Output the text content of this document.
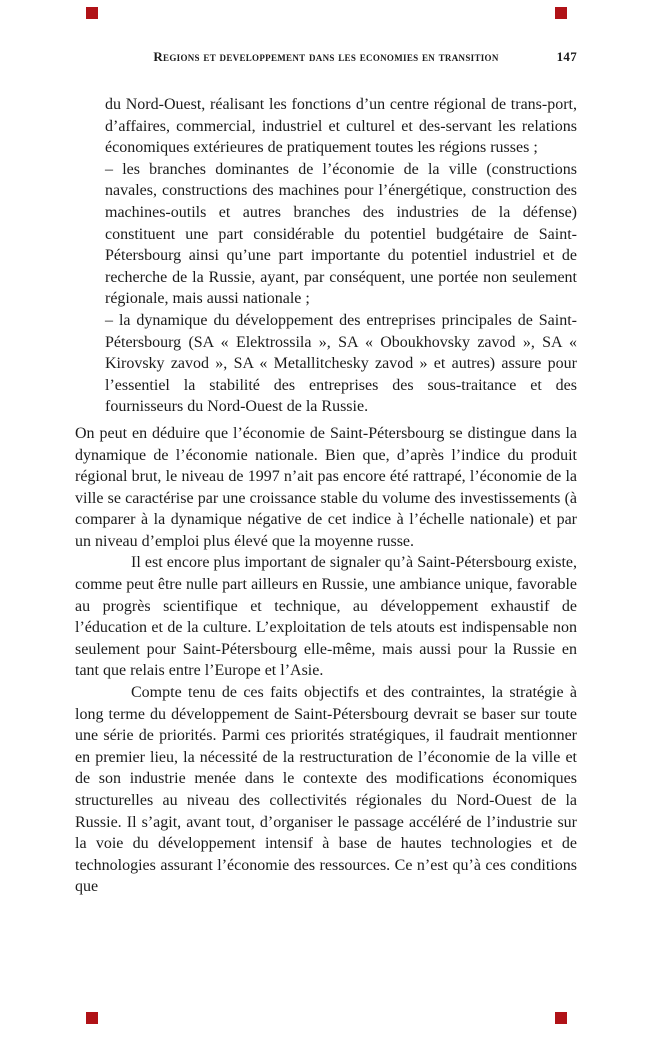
Regions et developpement dans les economies en transition	147

du Nord-Ouest, réalisant les fonctions d’un centre régional de trans-port, d’affaires, commercial, industriel et culturel et des-servant les relations économiques extérieures de pratiquement toutes les régions russes ;

– les branches dominantes de l’économie de la ville (constructions navales, constructions des machines pour l’énergétique, construction des machines-outils et autres branches des industries de la défense) constituent une part considérable du potentiel budgétaire de Saint-Pétersbourg ainsi qu’une part importante du potentiel industriel et de recherche de la Russie, ayant, par conséquent, une portée non seulement régionale, mais aussi nationale ;

– la dynamique du développement des entreprises principales de Saint-Pétersbourg (SA « Elektrossila », SA « Oboukhovsky zavod », SA « Kirovsky zavod », SA « Metallitchesky zavod » et autres) assure pour l’essentiel la stabilité des entreprises des sous-traitance et des fournisseurs du Nord-Ouest de la Russie.

On peut en déduire que l’économie de Saint-Pétersbourg se distingue dans la dynamique de l’économie nationale. Bien que, d’après l’indice du produit régional brut, le niveau de 1997 n’ait pas encore été rattrapé, l’économie de la ville se caractérise par une croissance stable du volume des investissements (à comparer à la dynamique négative de cet indice à l’échelle nationale) et par un niveau d’emploi plus élevé que la moyenne russe.

Il est encore plus important de signaler qu’à Saint-Pétersbourg existe, comme peut être nulle part ailleurs en Russie, une ambiance unique, favorable au progrès scientifique et technique, au développement exhaustif de l’éducation et de la culture. L’exploitation de tels atouts est indispensable non seulement pour Saint-Pétersbourg elle-même, mais aussi pour la Russie en tant que relais entre l’Europe et l’Asie.

Compte tenu de ces faits objectifs et des contraintes, la stratégie à long terme du développement de Saint-Pétersbourg devrait se baser sur toute une série de priorités. Parmi ces priorités stratégiques, il faudrait mentionner en premier lieu, la nécessité de la restructuration de l’économie de la ville et de son industrie menée dans le contexte des modifications économiques structurelles au niveau des collectivités régionales du Nord-Ouest de la Russie. Il s’agit, avant tout, d’organiser le passage accéléré de l’industrie sur la voie du développement intensif à base de hautes technologies et de technologies assurant l’économie des ressources. Ce n’est qu’à ces conditions que
